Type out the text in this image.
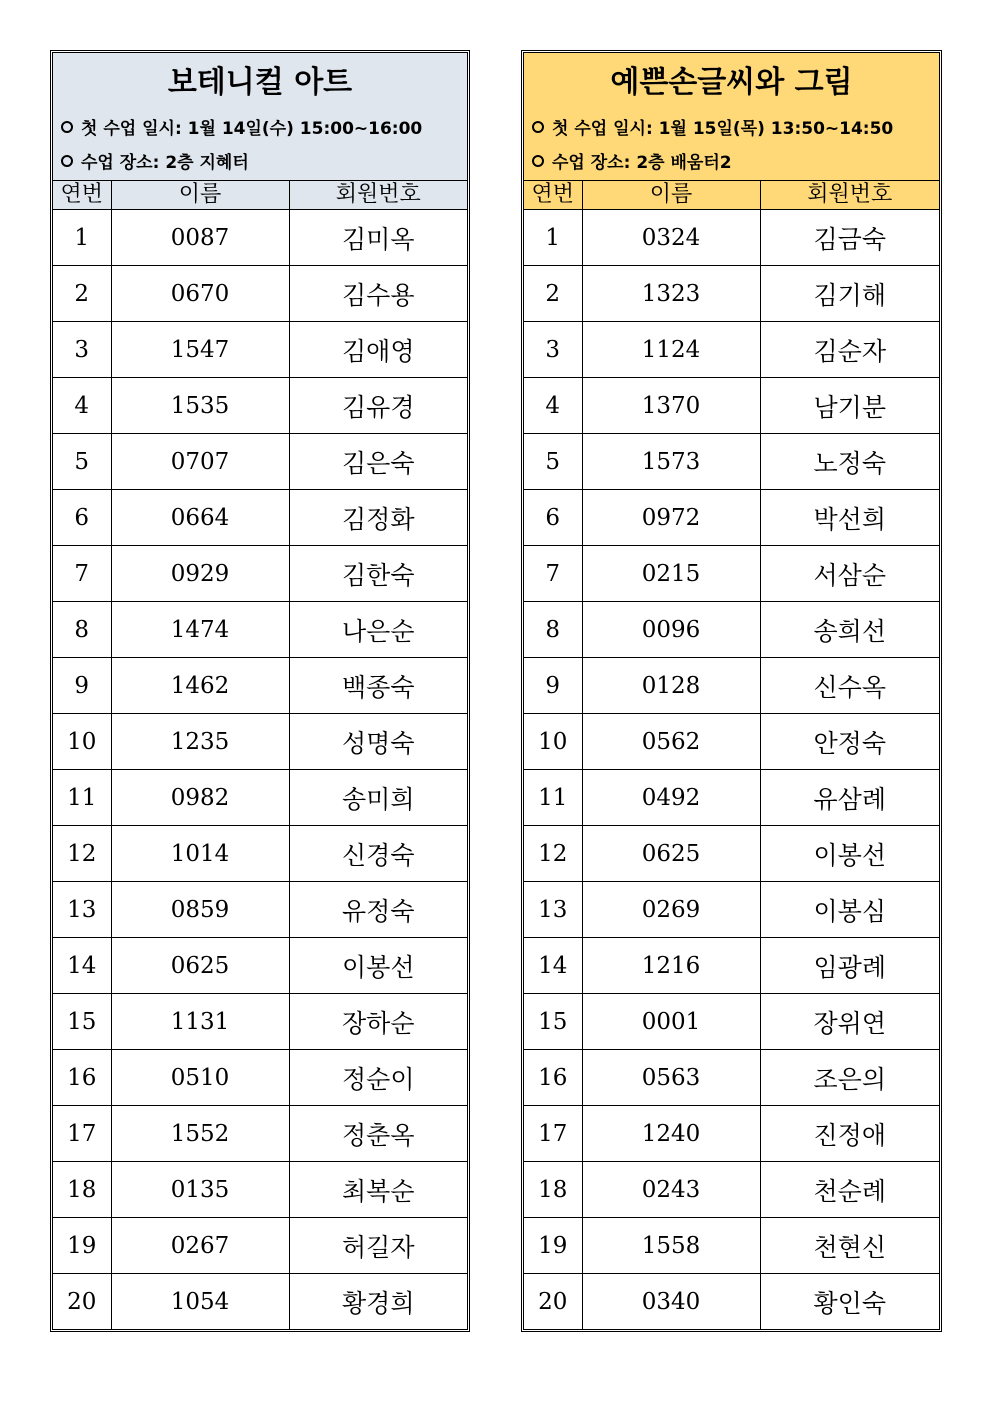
보테니컬 아트
첫 수업 일시: 1월 14일(수) 15:00~16:00
수업 장소: 2층 지혜터
연번	이름	회원번호
1	0087	김미옥
2	0670	김수용
3	1547	김애영
4	1535	김유경
5	0707	김은숙
6	0664	김정화
7	0929	김한숙
8	1474	나은순
9	1462	백종숙
10	1235	성명숙
11	0982	송미희
12	1014	신경숙
13	0859	유정숙
14	0625	이봉선
15	1131	장하순
16	0510	정순이
17	1552	정춘옥
18	0135	최복순
19	0267	허길자
20	1054	황경희
예쁜손글씨와 그림
첫 수업 일시: 1월 15일(목) 13:50~14:50
수업 장소: 2층 배움터2
연번	이름	회원번호
1	0324	김금숙
2	1323	김기해
3	1124	김순자
4	1370	남기분
5	1573	노정숙
6	0972	박선희
7	0215	서삼순
8	0096	송희선
9	0128	신수옥
10	0562	안정숙
11	0492	유삼례
12	0625	이봉선
13	0269	이봉심
14	1216	임광례
15	0001	장위연
16	0563	조은의
17	1240	진정애
18	0243	천순례
19	1558	천현신
20	0340	황인숙
